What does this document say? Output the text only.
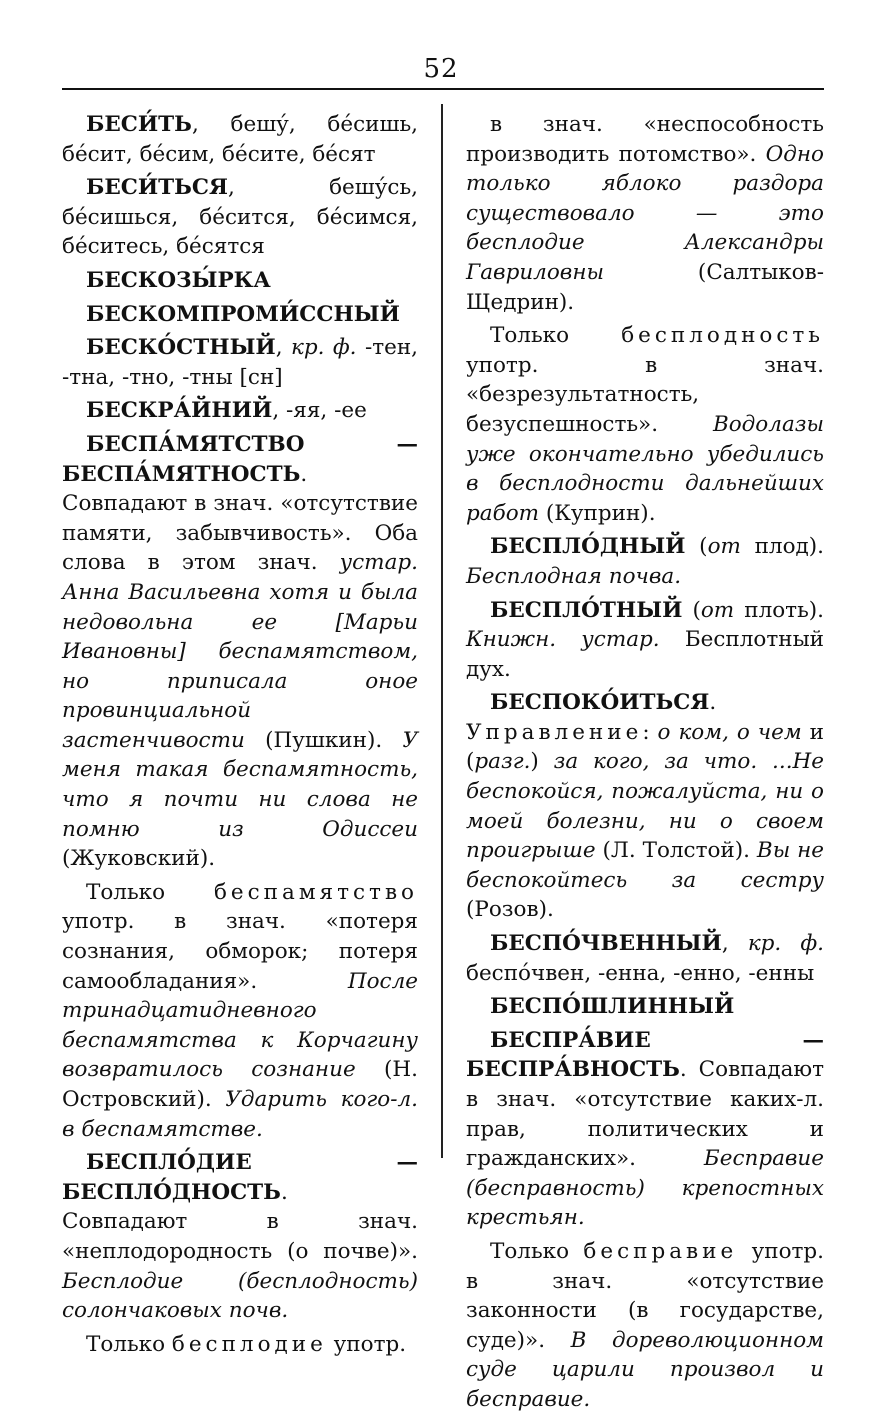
52

БЕСИ́ТЬ, бешу́, бе́сишь, бе́сит, бе́сим, бе́сите, бе́сят

БЕСИ́ТЬСЯ, бешу́сь, бе́сишься, бе́сится, бе́симся, бе́ситесь, бе́сятся

БЕСКОЗЫ́РКА

БЕСКОМПРОМИ́ССНЫЙ

БЕСКО́СТНЫЙ, кр. ф. -тен, -тна, -тно, -тны [сн]

БЕСКРА́ЙНИЙ, -яя, -ее

БЕСПА́МЯТСТВО — БЕСПА́МЯТНОСТЬ. Совпадают в знач. «отсутствие памяти, забывчивость». Оба слова в этом знач. устар. Анна Васильевна хотя и была недовольна ее [Марьи Ивановны] беспамятством, но приписала оное провинциальной застенчивости (Пушкин). У меня такая беспамятность, что я почти ни слова не помню из Одиссеи (Жуковский).

Только беспамятство употр. в знач. «потеря сознания, обморок; потеря самообладания». После тринадцатидневного беспамятства к Корчагину возвратилось сознание (Н. Островский). Ударить кого-л. в беспамятстве.

БЕСПЛО́ДИЕ — БЕСПЛО́ДНОСТЬ. Совпадают в знач. «неплодородность (о почве)». Бесплодие (бесплодность) солончаковых почв.

Только бесплодие употр.

в знач. «неспособность производить потомство». Одно только яблоко раздора существовало — это бесплодие Александры Гавриловны (Салтыков-Щедрин).

Только бесплодность употр. в знач. «безрезультатность, безуспешность». Водолазы уже окончательно убедились в бесплодности дальнейших работ (Куприн).

БЕСПЛО́ДНЫЙ (от плод). Бесплодная почва.

БЕСПЛО́ТНЫЙ (от плоть). Книжн. устар. Бесплотный дух.

БЕСПОКО́ИТЬСЯ. Управление: о ком, о чем и (разг.) за кого, за что. ...Не беспокойся, пожалуйста, ни о моей болезни, ни о своем проигрыше (Л. Толстой). Вы не беспокойтесь за сестру (Розов).

БЕСПО́ЧВЕННЫЙ, кр. ф. беспо́чвен, -енна, -енно, -енны

БЕСПО́ШЛИННЫЙ

БЕСПРА́ВИЕ — БЕСПРА́ВНОСТЬ. Совпадают в знач. «отсутствие каких-л. прав, политических и гражданских». Бесправие (бесправность) крепостных крестьян.

Только бесправие употр. в знач. «отсутствие законности (в государстве, суде)». В дореволюционном суде царили произвол и бесправие.
